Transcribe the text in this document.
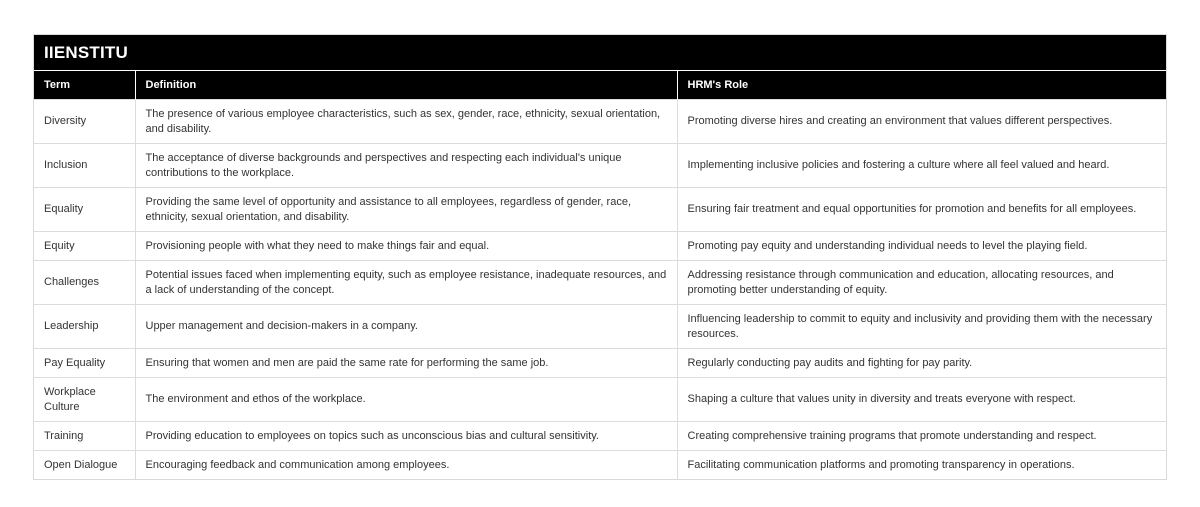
IIENSTITU
Term	Definition	HRM's Role
Diversity	The presence of various employee characteristics, such as sex, gender, race, ethnicity, sexual orientation, and disability.	Promoting diverse hires and creating an environment that values different perspectives.
Inclusion	The acceptance of diverse backgrounds and perspectives and respecting each individual's unique contributions to the workplace.	Implementing inclusive policies and fostering a culture where all feel valued and heard.
Equality	Providing the same level of opportunity and assistance to all employees, regardless of gender, race, ethnicity, sexual orientation, and disability.	Ensuring fair treatment and equal opportunities for promotion and benefits for all employees.
Equity	Provisioning people with what they need to make things fair and equal.	Promoting pay equity and understanding individual needs to level the playing field.
Challenges	Potential issues faced when implementing equity, such as employee resistance, inadequate resources, and a lack of understanding of the concept.	Addressing resistance through communication and education, allocating resources, and promoting better understanding of equity.
Leadership	Upper management and decision-makers in a company.	Influencing leadership to commit to equity and inclusivity and providing them with the necessary resources.
Pay Equality	Ensuring that women and men are paid the same rate for performing the same job.	Regularly conducting pay audits and fighting for pay parity.
Workplace Culture	The environment and ethos of the workplace.	Shaping a culture that values unity in diversity and treats everyone with respect.
Training	Providing education to employees on topics such as unconscious bias and cultural sensitivity.	Creating comprehensive training programs that promote understanding and respect.
Open Dialogue	Encouraging feedback and communication among employees.	Facilitating communication platforms and promoting transparency in operations.
